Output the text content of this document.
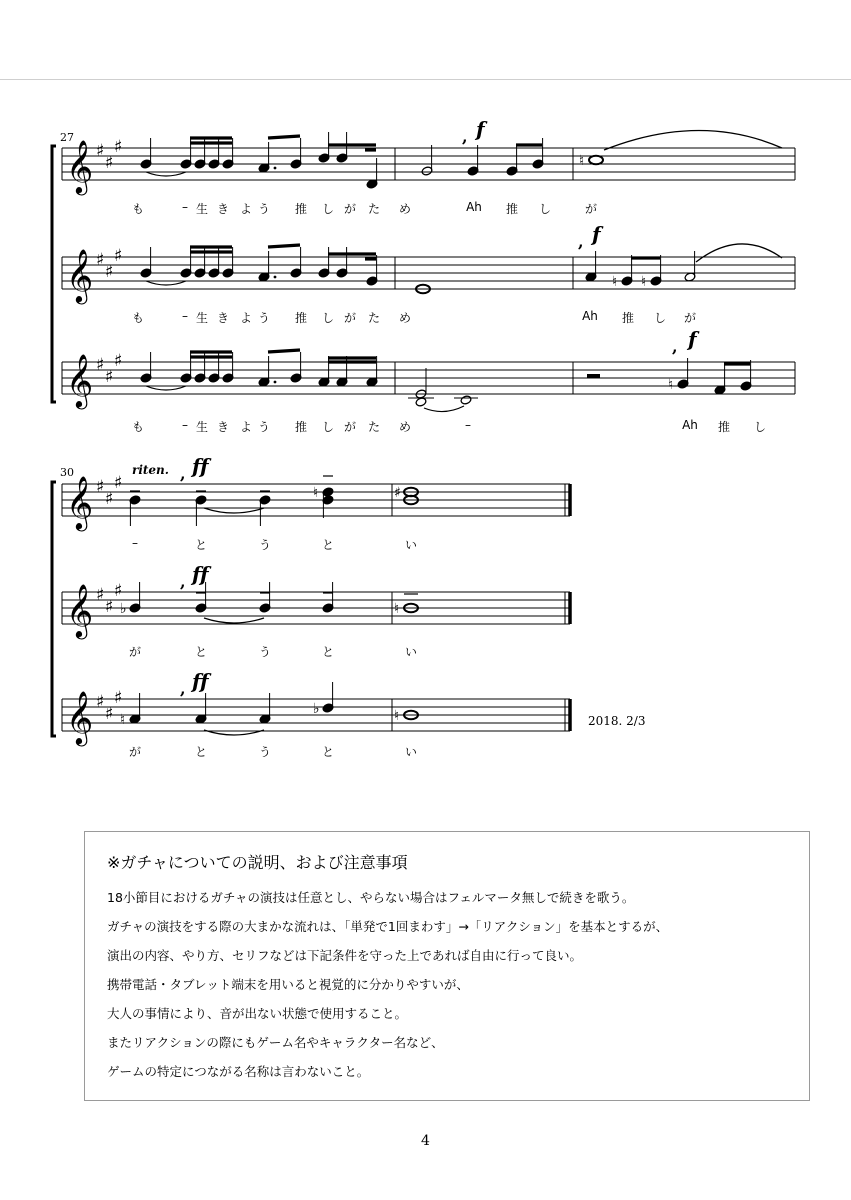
𝄞 ♯
♯
♯
𝄞 ♯
♯
♯
𝄞 ♯
♯
♯
♮
♮ ♮
♮
𝄞 ♯
♯
♯
𝄞 ♯
♯
♯
𝄞 ♯
♯
♯
♮	♯
♭	♮
♮
♭	♮
27
30	riten.
も	– 生 き よ う 推 し が た め	Ah 推 し	が
も	– 生 き よ う 推 し が た め	Ah 推 し が
も	– 生 き よ う 推 し が た め	–	Ah 推 し
–	と	う	と	い
が	と	う	と	い
が	と	う	と	い
, f
, f
, f
, ff
, ff
, ff
2018. 2/3
※ガチャについての説明、および注意事項
18小節目におけるガチャの演技は任意とし、やらない場合はフェルマータ無しで続きを歌う。
ガチャの演技をする際の大まかな流れは、「単発で1回まわす」→「リアクション」を基本とするが、
演出の内容、やり方、セリフなどは下記条件を守った上であれば自由に行って良い。
携帯電話・タブレット端末を用いると視覚的に分かりやすいが、
大人の事情により、音が出ない状態で使用すること。
またリアクションの際にもゲーム名やキャラクター名など、
ゲームの特定につながる名称は言わないこと。
4
